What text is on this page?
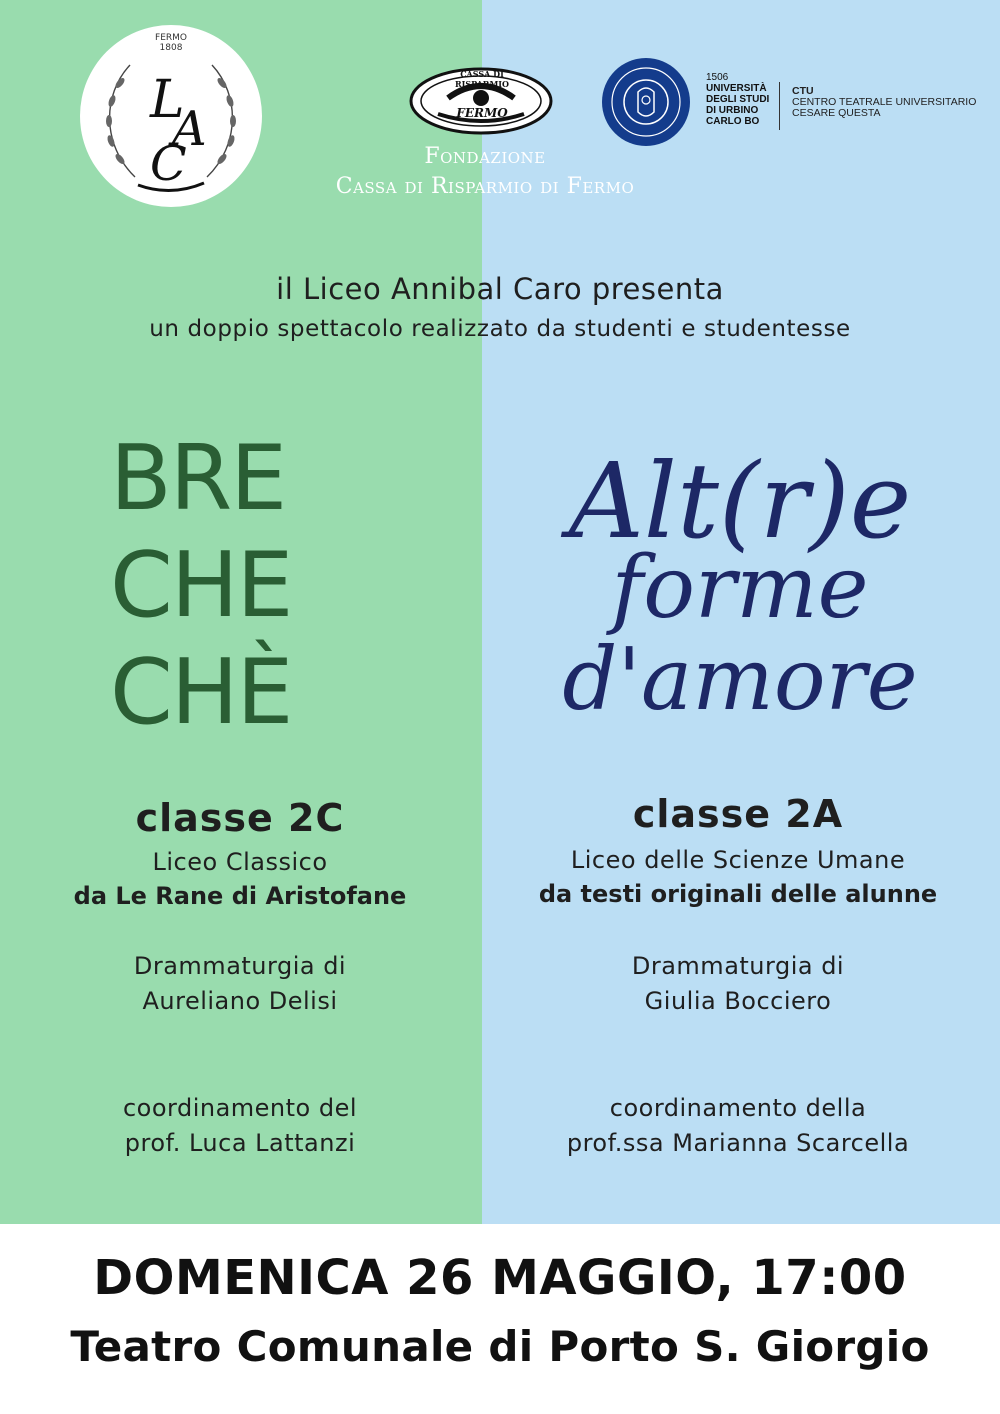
FERMO
1808
L
A
C
CASSA DI RISPARMIO
FERMO
Fondazione
Cassa di Risparmio di Fermo
1506
UNIVERSITÀ
DEGLI STUDI
DI URBINO
CARLO BO
CTU
CENTRO TEATRALE UNIVERSITARIO
CESARE QUESTA
il Liceo Annibal Caro presenta
un doppio spettacolo realizzato da studenti e studentesse
BRE
CHE
CHÈ
Alt(r)e
forme
d'amore
classe 2C
Liceo Classico
da Le Rane di Aristofane
Drammaturgia di
Aureliano Delisi
coordinamento del
prof. Luca Lattanzi
classe 2A
Liceo delle Scienze Umane
da testi originali delle alunne
Drammaturgia di
Giulia Bocciero
coordinamento della
prof.ssa Marianna Scarcella
DOMENICA 26 MAGGIO, 17:00
Teatro Comunale di Porto S. Giorgio
